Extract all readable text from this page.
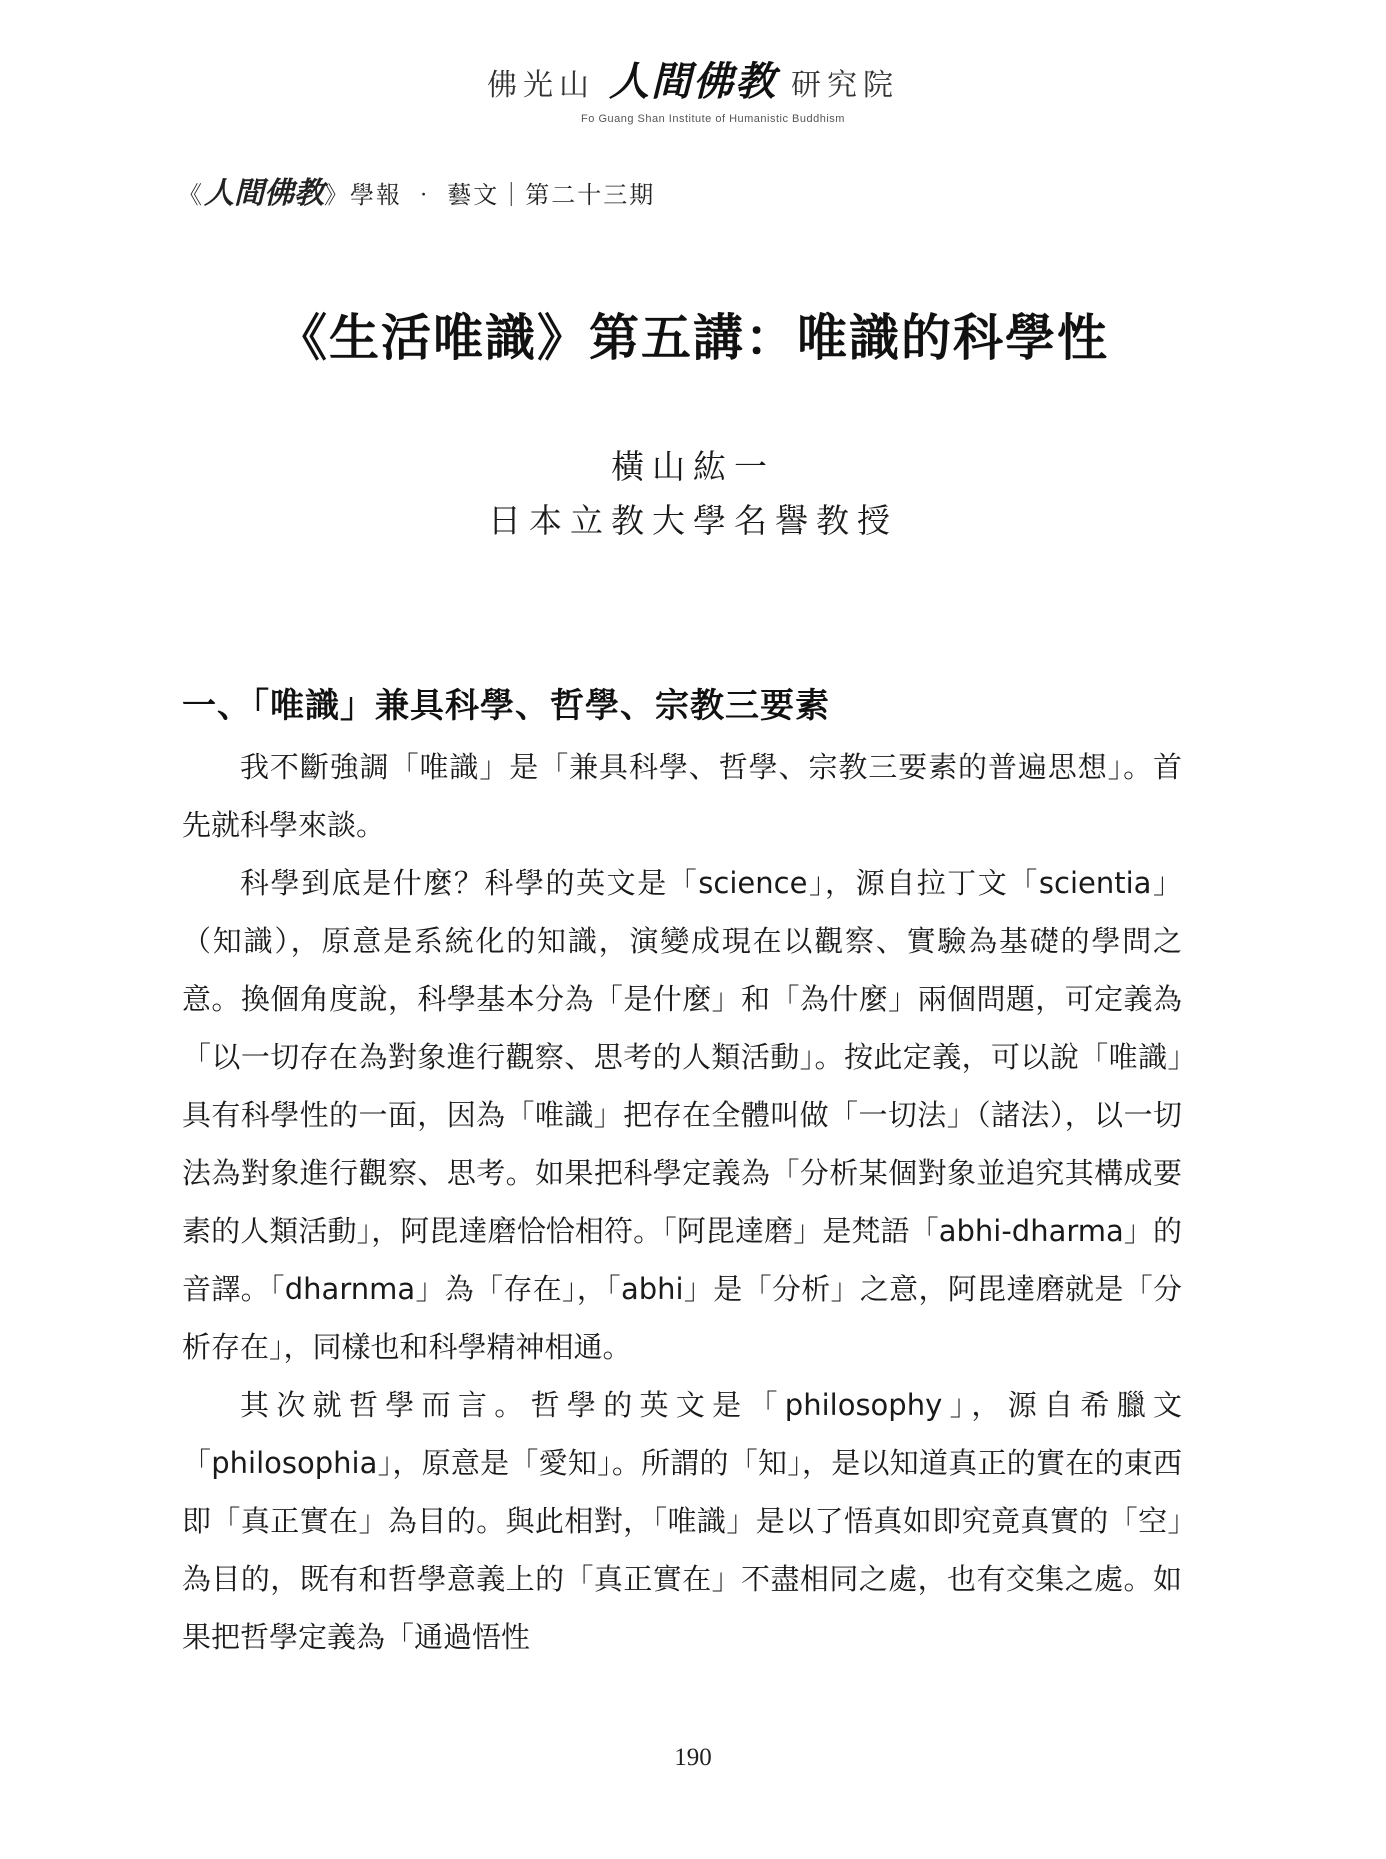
佛光山 人間佛教 研究院
Fo Guang Shan Institute of Humanistic Buddhism
《 人間佛教 》學報 ‧ 藝文｜第二十三期
《生活唯識》第五講：唯識的科學性
橫山紘一
日本立教大學名譽教授
一、「唯識」兼具科學、哲學、宗教三要素

我不斷強調「唯識」是「兼具科學、哲學、宗教三要素的普遍思想」。首先就科學來談。

科學到底是什麼？科學的英文是「science」，源自拉丁文「scientia」（知識），原意是系統化的知識，演變成現在以觀察、實驗為基礎的學問之意。換個角度說，科學基本分為「是什麼」和「為什麼」兩個問題，可定義為「以一切存在為對象進行觀察、思考的人類活動」。按此定義，可以說「唯識」具有科學性的一面，因為「唯識」把存在全體叫做「一切法」（諸法），以一切法為對象進行觀察、思考。如果把科學定義為「分析某個對象並追究其構成要素的人類活動」，阿毘達磨恰恰相符。「阿毘達磨」是梵語「abhi-dharma」的音譯。「dharnma」為「存在」，「abhi」是「分析」之意，阿毘達磨就是「分析存在」，同樣也和科學精神相通。

其次就哲學而言。哲學的英文是「philosophy」，源自希臘文「philosophia」，原意是「愛知」。所謂的「知」，是以知道真正的實在的東西即「真正實在」為目的。與此相對，「唯識」是以了悟真如即究竟真實的「空」為目的，既有和哲學意義上的「真正實在」不盡相同之處，也有交集之處。如果把哲學定義為「通過悟性

190
